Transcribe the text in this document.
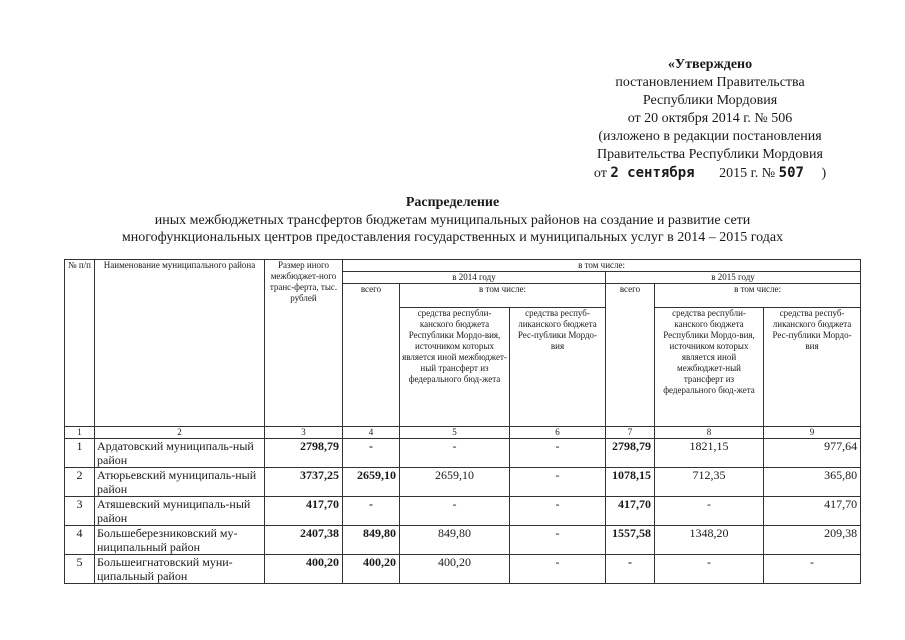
«Утверждено
постановлением Правительства
Республики Мордовия
от 20 октября 2014 г. № 506
(изложено в редакции постановления
Правительства Республики Мордовия
от 2 сентября 2015 г. № 507 )
Распределение
иных межбюджетных трансфертов бюджетам муниципальных районов на создание и развитие сети
многофункциональных центров предоставления государственных и муниципальных услуг в 2014 – 2015 годах
№ п/п	Наименование муниципального района	Размер иного межбюджет-ного транс-ферта, тыс. рублей	в том числе:					
			в 2014 году			в 2015 году		
			всего	в том числе:		всего	в том числе:	
				средства республи-канского бюджета Республики Мордо-вия, источником которых является иной межбюджет-ный трансферт из федерального бюд-жета	средства респуб-ликанского бюджета Рес-публики Мордо-вия		средства республи-канского бюджета Республики Мордо-вия, источником которых является иной межбюджет-ный трансферт из федерального бюд-жета	средства респуб-ликанского бюджета Рес-публики Мордо-вия
1	2	3	4	5	6	7	8	9
1	Ардатовский муниципаль-ный район	2798,79	-	-	-	2798,79	1821,15	977,64
2	Атюрьевский муниципаль-ный район	3737,25	2659,10	2659,10	-	1078,15	712,35	365,80
3	Атяшевский муниципаль-ный район	417,70	-	-	-	417,70	-	417,70
4	Большеберезниковский му-ниципальный район	2407,38	849,80	849,80	-	1557,58	1348,20	209,38
5	Большеигнатовский муни-ципальный район	400,20	400,20	400,20	-	-	-	-
